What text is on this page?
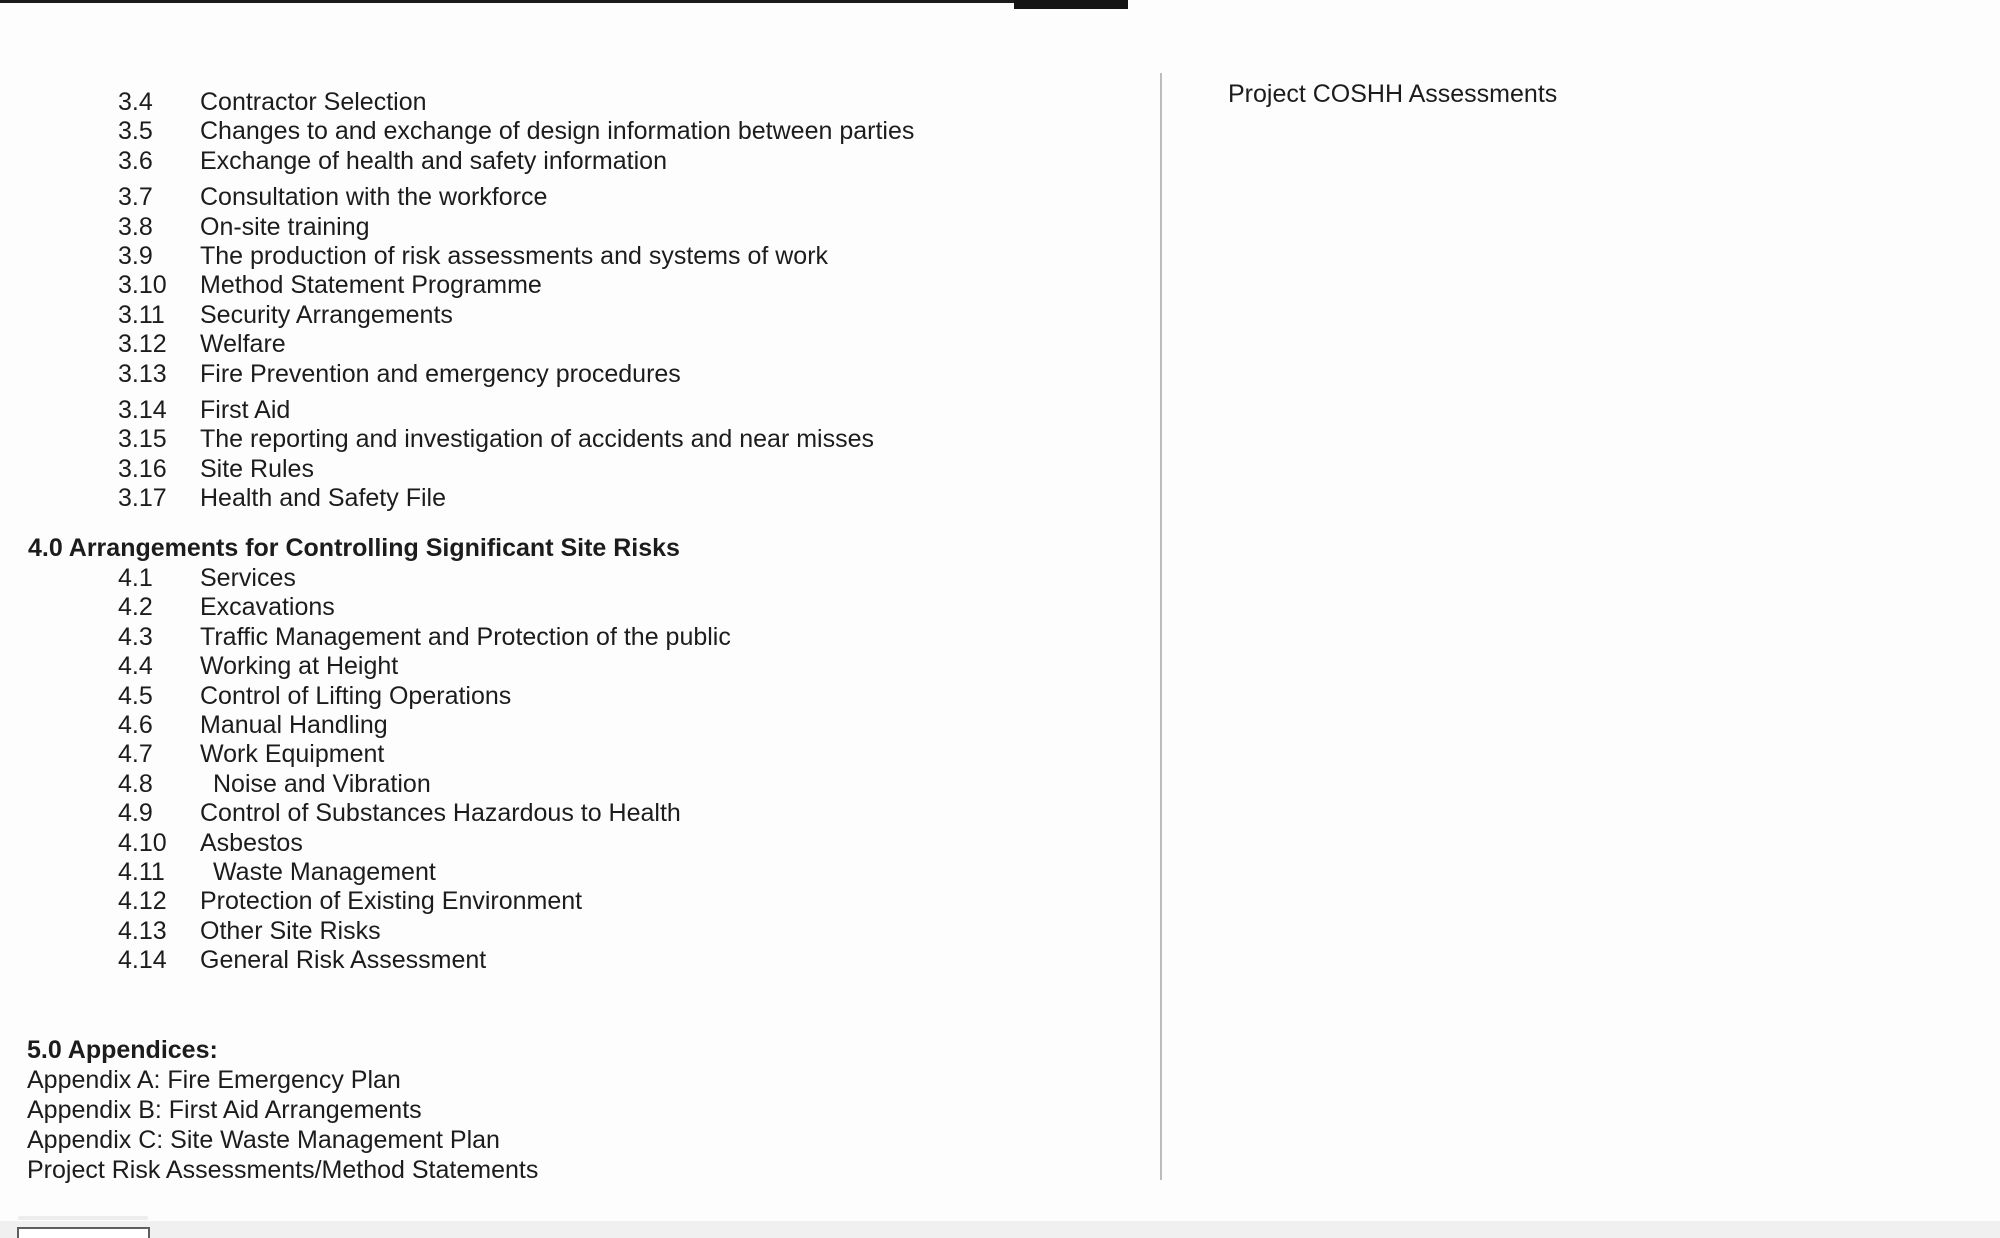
3.4 Contractor Selection
3.5 Changes to and exchange of design information between parties
3.6 Exchange of health and safety information
3.7 Consultation with the workforce
3.8 On-site training
3.9 The production of risk assessments and systems of work
3.10 Method Statement Programme
3.11 Security Arrangements
3.12 Welfare
3.13 Fire Prevention and emergency procedures
3.14 First Aid
3.15 The reporting and investigation of accidents and near misses
3.16 Site Rules
3.17 Health and Safety File
4.0 Arrangements for Controlling Significant Site Risks
4.1 Services
4.2 Excavations
4.3 Traffic Management and Protection of the public
4.4 Working at Height
4.5 Control of Lifting Operations
4.6 Manual Handling
4.7 Work Equipment
4.8 Noise and Vibration
4.9 Control of Substances Hazardous to Health
4.10 Asbestos
4.11 Waste Management
4.12 Protection of Existing Environment
4.13 Other Site Risks
4.14 General Risk Assessment
5.0 Appendices:
Appendix A: Fire Emergency Plan
Appendix B: First Aid Arrangements
Appendix C: Site Waste Management Plan
Project Risk Assessments/Method Statements
Project COSHH Assessments
